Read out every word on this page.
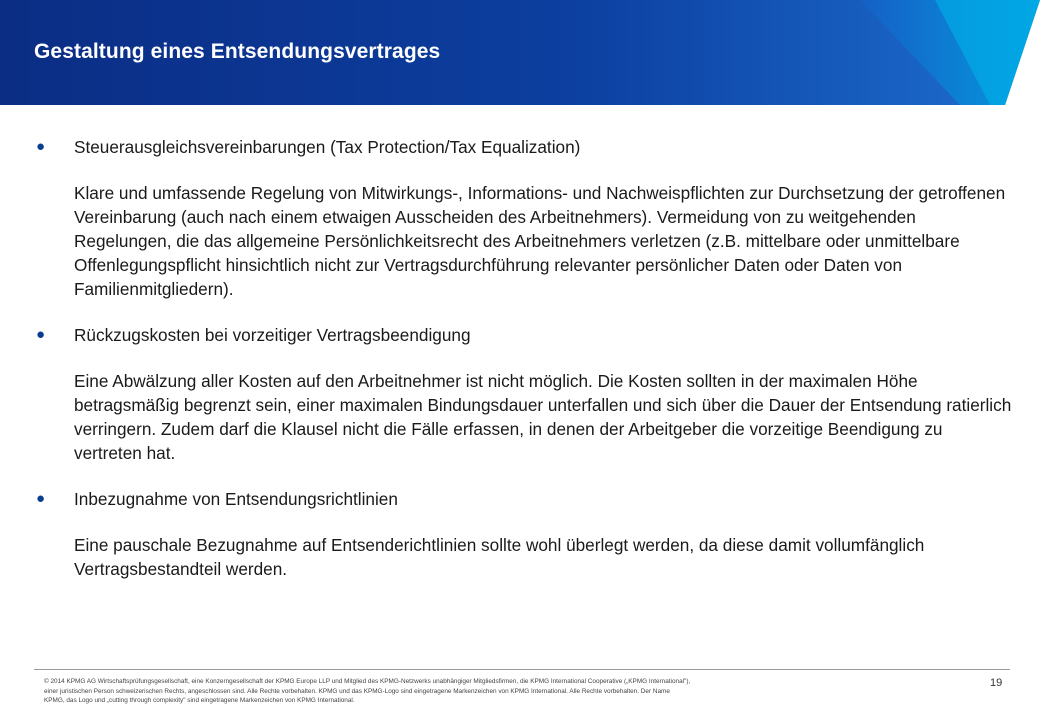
Gestaltung eines Entsendungsvertrages
● Steuerausgleichsvereinbarungen (Tax Protection/Tax Equalization)

Klare und umfassende Regelung von Mitwirkungs-, Informations- und Nachweispflichten zur Durchsetzung der getroffenen Vereinbarung (auch nach einem etwaigen Ausscheiden des Arbeitnehmers). Vermeidung von zu weitgehenden Regelungen, die das allgemeine Persönlichkeitsrecht des Arbeitnehmers verletzen (z.B. mittelbare oder unmittelbare Offenlegungspflicht hinsichtlich nicht zur Vertragsdurchführung relevanter persönlicher Daten oder Daten von Familienmitgliedern).

● Rückzugskosten bei vorzeitiger Vertragsbeendigung

Eine Abwälzung aller Kosten auf den Arbeitnehmer ist nicht möglich. Die Kosten sollten in der maximalen Höhe betragsmäßig begrenzt sein, einer maximalen Bindungsdauer unterfallen und sich über die Dauer der Entsendung ratierlich verringern. Zudem darf die Klausel nicht die Fälle erfassen, in denen der Arbeitgeber die vorzeitige Beendigung zu vertreten hat.

● Inbezugnahme von Entsendungsrichtlinien

Eine pauschale Bezugnahme auf Entsenderichtlinien sollte wohl überlegt werden, da diese damit vollumfänglich Vertragsbestandteil werden.

© 2014 KPMG AG Wirtschaftsprüfungsgesellschaft, eine Konzerngesellschaft der KPMG Europe LLP und Mitglied des KPMG-Netzwerks unabhängiger Mitgliedsfirmen, die KPMG International Cooperative („KPMG International"),
einer juristischen Person schweizerischen Rechts, angeschlossen sind. Alle Rechte vorbehalten. KPMG und das KPMG-Logo sind eingetragene Markenzeichen von KPMG International. Alle Rechte vorbehalten. Der Name
KPMG, das Logo und „cutting through complexity" sind eingetragene Markenzeichen von KPMG International.
19
